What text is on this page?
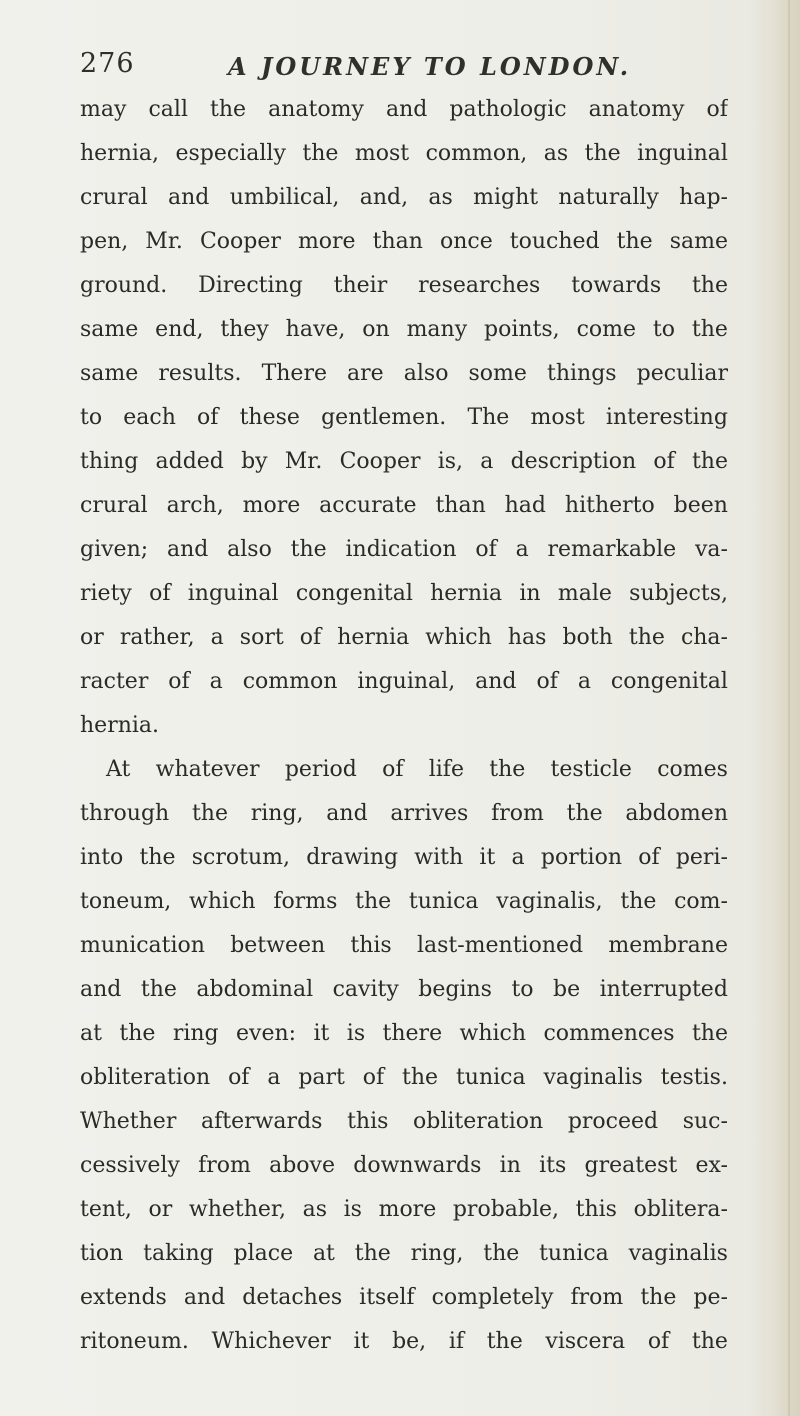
276	A JOURNEY TO LONDON.
may call the anatomy and pathologic anatomy of
hernia, especially the most common, as the inguinal
crural and umbilical, and, as might naturally hap-
pen, Mr. Cooper more than once touched the same
ground. Directing their researches towards the
same end, they have, on many points, come to the
same results. There are also some things peculiar
to each of these gentlemen. The most interesting
thing added by Mr. Cooper is, a description of the
crural arch, more accurate than had hitherto been
given; and also the indication of a remarkable va-
riety of inguinal congenital hernia in male subjects,
or rather, a sort of hernia which has both the cha-
racter of a common inguinal, and of a congenital
hernia.
At whatever period of life the testicle comes
through the ring, and arrives from the abdomen
into the scrotum, drawing with it a portion of peri-
toneum, which forms the tunica vaginalis, the com-
munication between this last-mentioned membrane
and the abdominal cavity begins to be interrupted
at the ring even: it is there which commences the
obliteration of a part of the tunica vaginalis testis.
Whether afterwards this obliteration proceed suc-
cessively from above downwards in its greatest ex-
tent, or whether, as is more probable, this oblitera-
tion taking place at the ring, the tunica vaginalis
extends and detaches itself completely from the pe-
ritoneum. Whichever it be, if the viscera of the
